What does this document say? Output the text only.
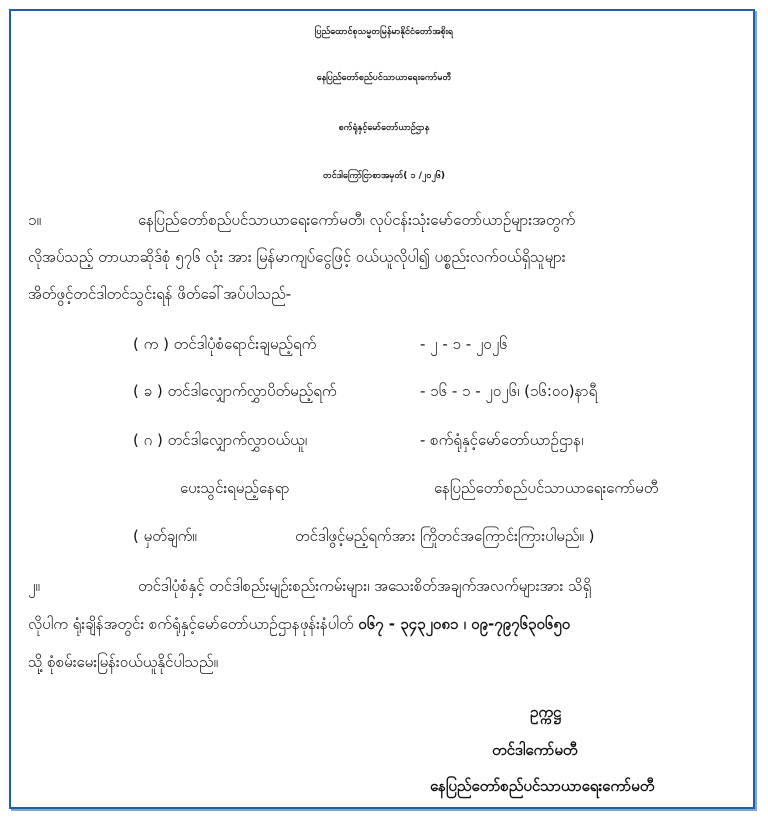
ပြည်ထောင်စုသမ္မတမြန်မာနိုင်ငံတော်အစိုးရ
နေပြည်တော်စည်ပင်သာယာရေးကော်မတီ
စက်ရုံနှင့်မော်တော်ယာဉ်ဌာန
တင်ဒါကြော်ငြာစာအမှတ်( ၁ /၂၀၂၆)
၁။	နေပြည်တော်စည်ပင်သာယာရေးကော်မတီ၊ လုပ်ငန်းသုံးမော်တော်ယာဉ်များအတွက်
လိုအပ်သည့် တာယာဆိုဒ်စုံ ၅၇၆ လုံး အား မြန်မာကျပ်ငွေဖြင့် ဝယ်ယူလိုပါ၍ ပစ္စည်းလက်ဝယ်ရှိသူများ
အိတ်ဖွင့်တင်ဒါတင်သွင်းရန် ဖိတ်ခေါ်အပ်ပါသည်-
( က ) တင်ဒါပုံစံရောင်းချမည့်ရက်	- ၂ - ၁ - ၂၀၂၆
( ခ ) တင်ဒါလျှောက်လွှာပိတ်မည့်ရက်	- ၁၆ - ၁ - ၂၀၂၆၊ (၁၆:၀၀)နာရီ
( ဂ ) တင်ဒါလျှောက်လွှာဝယ်ယူ၊	- စက်ရုံနှင့်မော်တော်ယာဉ်ဌာန၊
ပေးသွင်းရမည့်နေရာ	နေပြည်တော်စည်ပင်သာယာရေးကော်မတီ
( မှတ်ချက်။	တင်ဒါဖွင့်မည့်ရက်အား ကြိုတင်အကြောင်းကြားပါမည်။ )
၂။	တင်ဒါပုံစံနှင့် တင်ဒါစည်းမျဉ်းစည်းကမ်းများ၊ အသေးစိတ်အချက်အလက်များအား သိရှိ
လိုပါက ရုံးချိန်အတွင်း စက်ရုံနှင့်မော်တော်ယာဉ်ဌာနဖုန်းနံပါတ် ၀၆၇ - ၃၄၃၂၀၈၁ ၊ ၀၉-၇၉၇၆၃၀၆၅၀
သို့ စုံစမ်းမေးမြန်းဝယ်ယူနိုင်ပါသည်။
ဥက္ကဋ္ဌ
တင်ဒါကော်မတီ
နေပြည်တော်စည်ပင်သာယာရေးကော်မတီ
